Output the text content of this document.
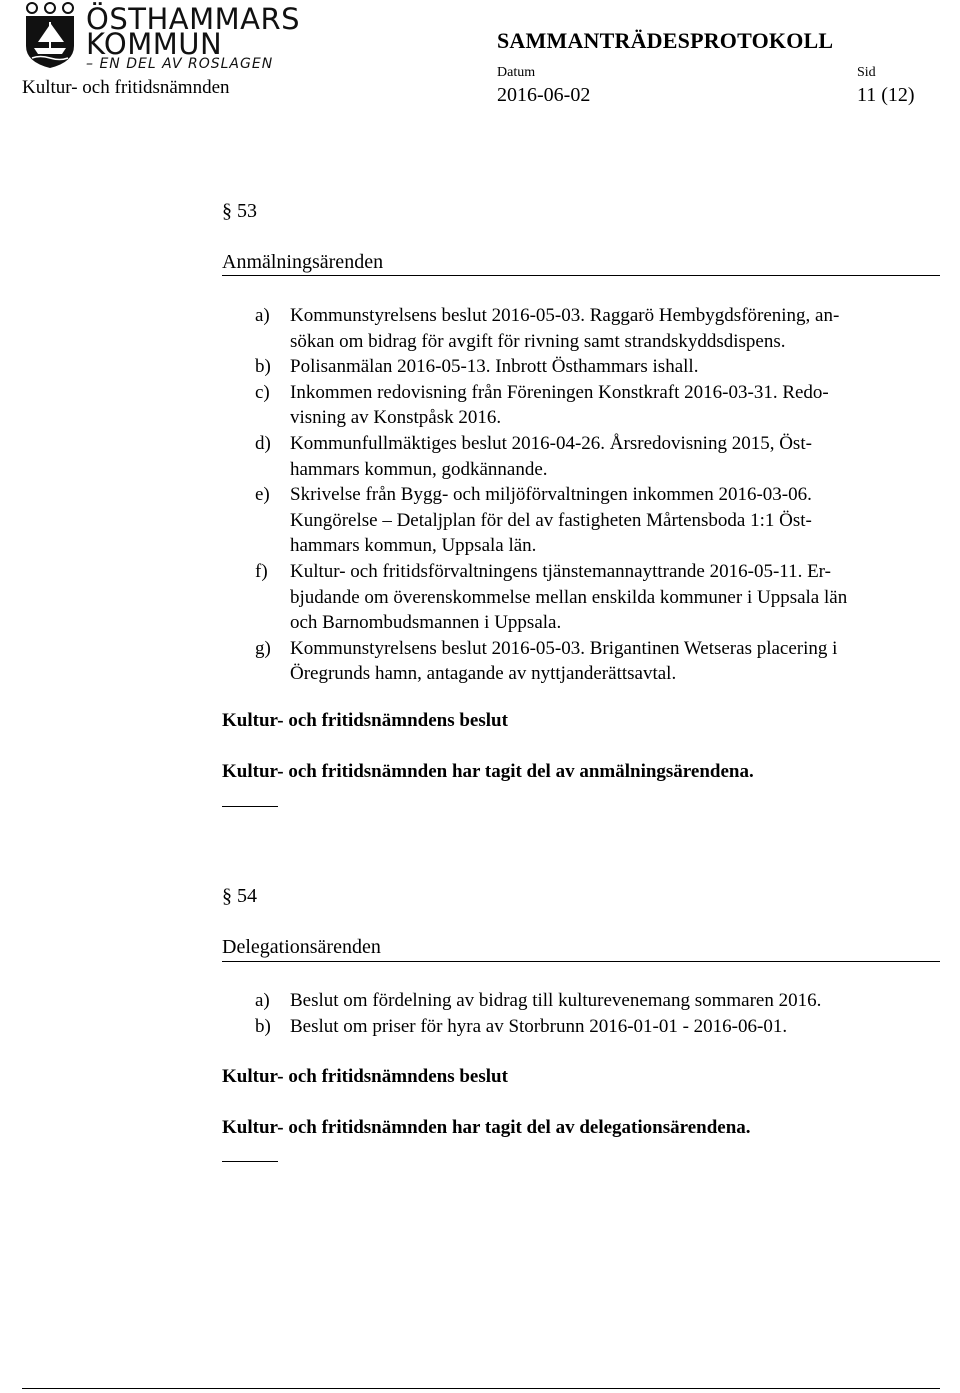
ÖSTHAMMARS
KOMMUN
– EN DEL AV ROSLAGEN
SAMMANTRÄDESPROTOKOLL
Kultur- och fritidsnämnden
Datum
2016-06-02
Sid
11 (12)
§ 53
Anmälningsärenden
a) Kommunstyrelsens beslut 2016-05-03. Raggarö Hembygdsförening, an-
sökan om bidrag för avgift för rivning samt strandskyddsdispens.
b) Polisanmälan 2016-05-13. Inbrott Östhammars ishall.
c) Inkommen redovisning från Föreningen Konstkraft 2016-03-31. Redo-
visning av Konstpåsk 2016.
d) Kommunfullmäktiges beslut 2016-04-26. Årsredovisning 2015, Öst-
hammars kommun, godkännande.
e) Skrivelse från Bygg- och miljöförvaltningen inkommen 2016-03-06.
Kungörelse – Detaljplan för del av fastigheten Mårtensboda 1:1 Öst-
hammars kommun, Uppsala län.
f) Kultur- och fritidsförvaltningens tjänstemannayttrande 2016-05-11. Er-
bjudande om överenskommelse mellan enskilda kommuner i Uppsala län
och Barnombudsmannen i Uppsala.
g) Kommunstyrelsens beslut 2016-05-03. Brigantinen Wetseras placering i
Öregrunds hamn, antagande av nyttjanderättsavtal.
Kultur- och fritidsnämndens beslut
Kultur- och fritidsnämnden har tagit del av anmälningsärendena.
§ 54
Delegationsärenden
a) Beslut om fördelning av bidrag till kulturevenemang sommaren 2016.
b) Beslut om priser för hyra av Storbrunn 2016-01-01 - 2016-06-01.
Kultur- och fritidsnämndens beslut
Kultur- och fritidsnämnden har tagit del av delegationsärendena.
